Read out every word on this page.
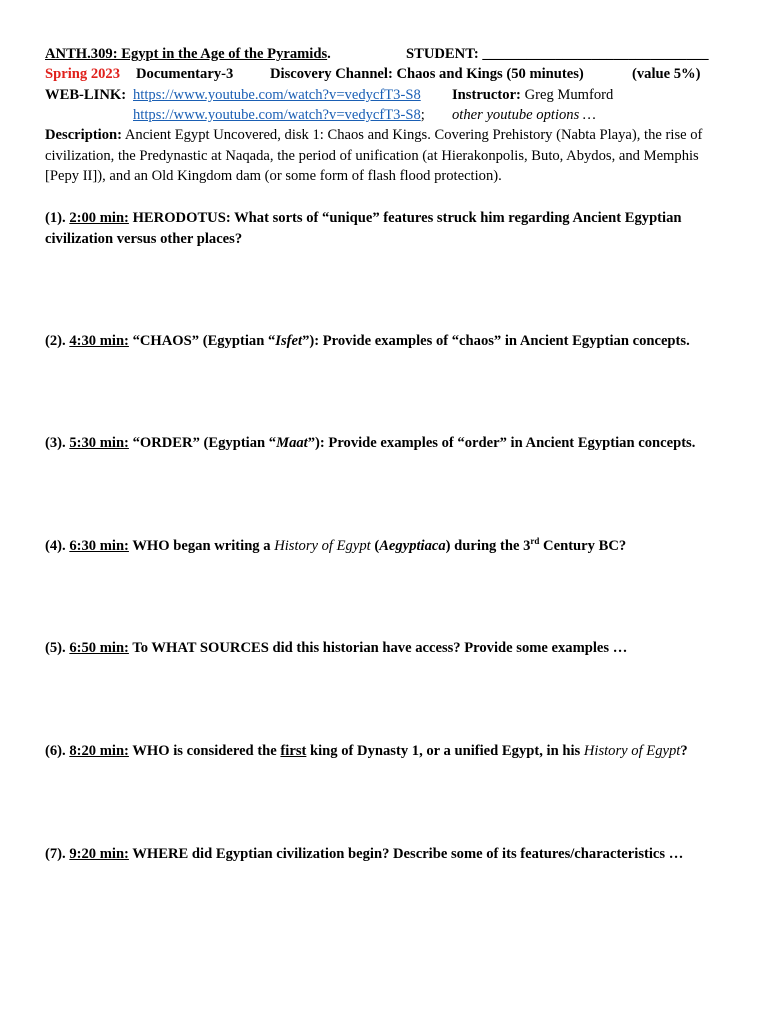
ANTH.309: Egypt in the Age of the Pyramids.	STUDENT: _______________________________
Spring 2023 Documentary-3	Discovery Channel: Chaos and Kings (50 minutes)	(value 5%)
WEB-LINK: https://www.youtube.com/watch?v=vedycfT3-S8 Instructor: Greg Mumford
https://www.youtube.com/watch?v=vedycfT3-S8; other youtube options …
Description: Ancient Egypt Uncovered, disk 1: Chaos and Kings. Covering Prehistory (Nabta Playa), the rise of civilization, the Predynastic at Naqada, the period of unification (at Hierakonpolis, Buto, Abydos, and Memphis [Pepy II]), and an Old Kingdom dam (or some form of flash flood protection).
(1). 2:00 min: HERODOTUS: What sorts of “unique” features struck him regarding Ancient Egyptian civilization versus other places?
(2). 4:30 min: “CHAOS” (Egyptian “Isfet”): Provide examples of “chaos” in Ancient Egyptian concepts.
(3). 5:30 min: “ORDER” (Egyptian “Maat”): Provide examples of “order” in Ancient Egyptian concepts.
(4). 6:30 min: WHO began writing a History of Egypt (Aegyptiaca) during the 3rd Century BC?
(5). 6:50 min: To WHAT SOURCES did this historian have access? Provide some examples …
(6). 8:20 min: WHO is considered the first king of Dynasty 1, or a unified Egypt, in his History of Egypt?
(7). 9:20 min: WHERE did Egyptian civilization begin? Describe some of its features/characteristics …
